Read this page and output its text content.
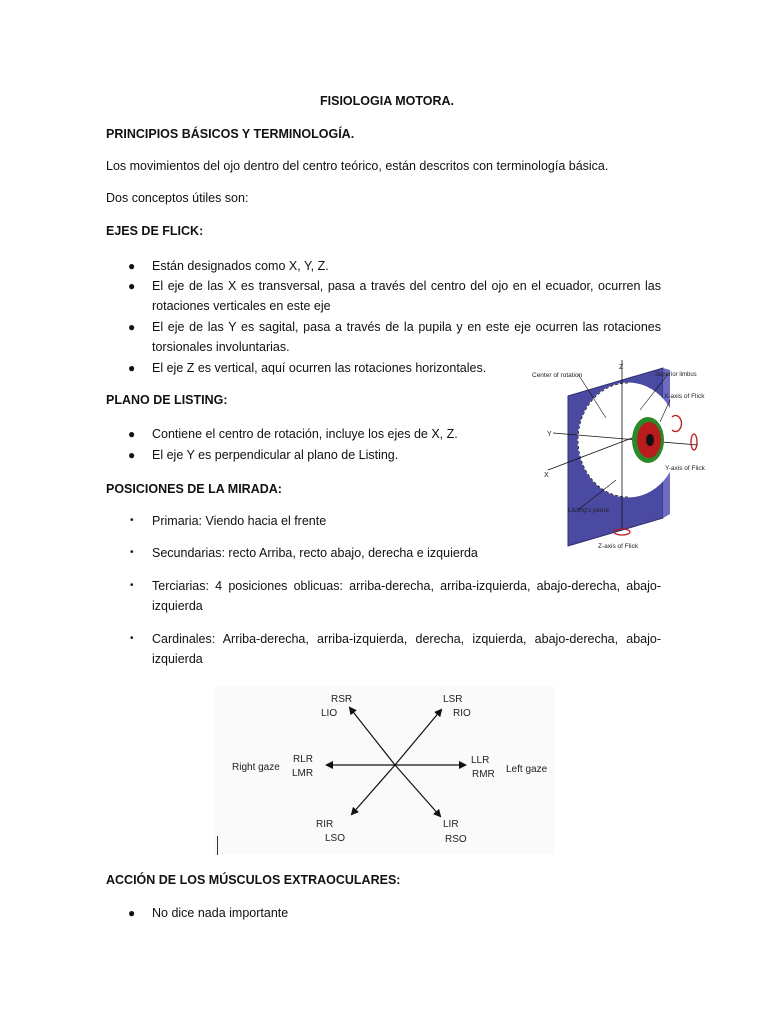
FISIOLOGIA MOTORA.
PRINCIPIOS BÁSICOS Y TERMINOLOGÍA.
Los movimientos del ojo dentro del centro teórico, están descritos con terminología básica.
Dos conceptos útiles son:
EJES DE FLICK:
● Están designados como X, Y, Z.
● El eje de las X es transversal, pasa a través del centro del ojo en el ecuador, ocurren las rotaciones verticales en este eje
● El eje de las Y es sagital, pasa a través de la pupila y en este eje ocurren las rotaciones torsionales involuntarias.
● El eje Z es vertical, aquí ocurren las rotaciones horizontales.
PLANO DE LISTING:
● Contiene el centro de rotación, incluye los ejes de X, Z.
● El eje Y es perpendicular al plano de Listing.
POSICIONES DE LA MIRADA:
• Primaria: Viendo hacia el frente
• Secundarias: recto Arriba, recto abajo, derecha e izquierda
• Terciarias: 4 posiciones oblicuas: arriba-derecha, arriba-izquierda, abajo-derecha, abajo-izquierda
• Cardinales: Arriba-derecha, arriba-izquierda, derecha, izquierda, abajo-derecha, abajo-izquierda
Center of rotation
Z
Superior limbus
X-axis of Flick
Y
Y-axis of Flick
X
Listing's plane
Z-axis of Flick
RSR
LIO
LSR
RIO
RLR
LMR
LLR
RMR
RIR
LSO
LIR
RSO
Right gaze	Left gaze
ACCIÓN DE LOS MÚSCULOS EXTRAOCULARES:
● No dice nada importante
